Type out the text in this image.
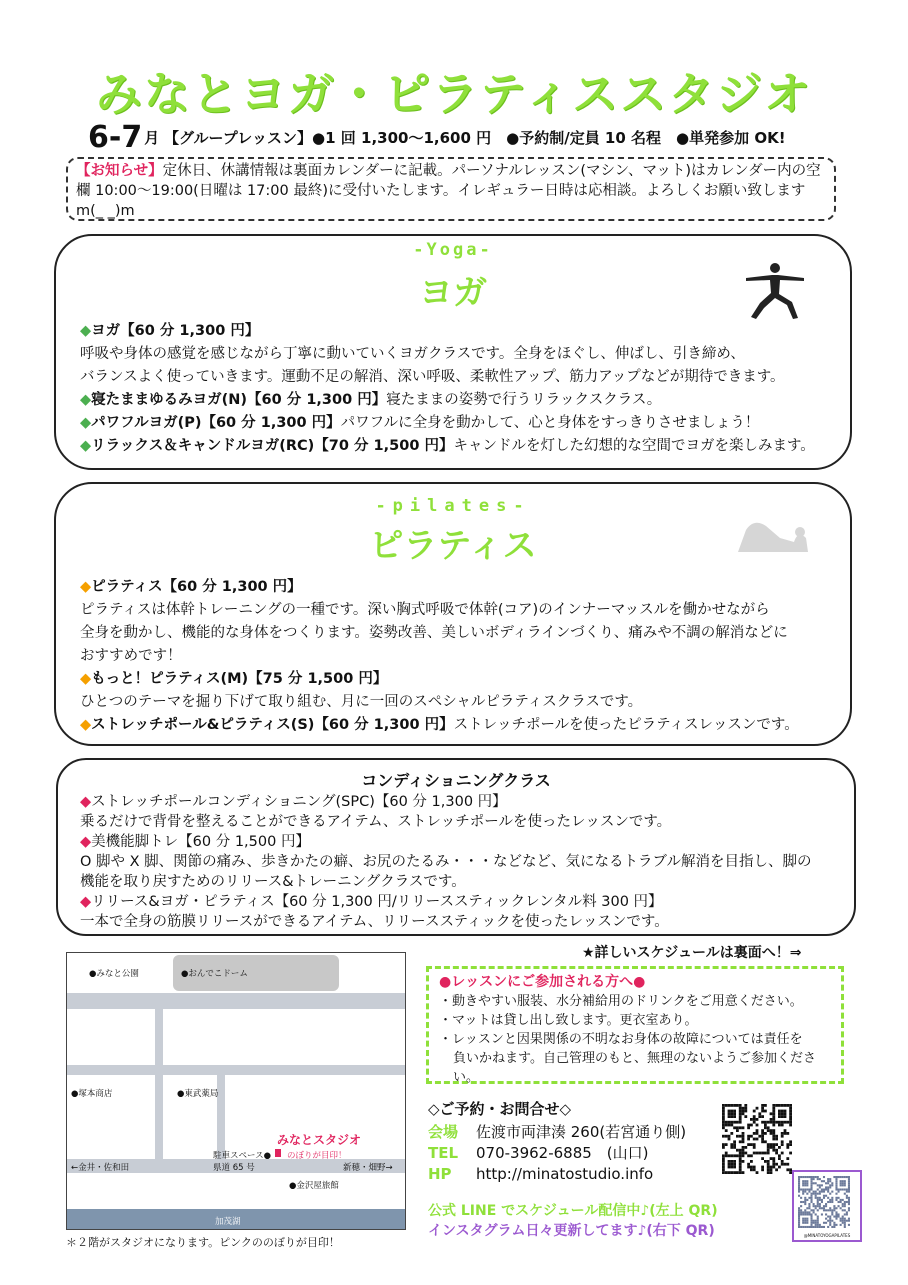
みなとヨガ・ピラティススタジオ
6-7 月 【グループレッスン】●1 回 1,300～1,600 円　●予約制/定員 10 名程　●単発参加 OK!
【お知らせ】定休日、休講情報は裏面カレンダーに記載。パーソナルレッスン(マシン、マット)はカレンダー内の空欄 10:00～19:00(日曜は 17:00 最終)に受付いたします。イレギュラー日時は応相談。よろしくお願い致しますm(_ _)m
-Yoga-
ヨガ
◆ヨガ【60 分 1,300 円】
呼吸や身体の感覚を感じながら丁寧に動いていくヨガクラスです。全身をほぐし、伸ばし、引き締め、
バランスよく使っていきます。運動不足の解消、深い呼吸、柔軟性アップ、筋力アップなどが期待できます。
◆寝たままゆるみヨガ(N)【60 分 1,300 円】寝たままの姿勢で行うリラックスクラス。
◆パワフルヨガ(P)【60 分 1,300 円】パワフルに全身を動かして、心と身体をすっきりさせましょう！
◆リラックス＆キャンドルヨガ(RC)【70 分 1,500 円】キャンドルを灯した幻想的な空間でヨガを楽しみます。
-pilates-
ピラティス
◆ピラティス【60 分 1,300 円】
ピラティスは体幹トレーニングの一種です。深い胸式呼吸で体幹(コア)のインナーマッスルを働かせながら
全身を動かし、機能的な身体をつくります。姿勢改善、美しいボディラインづくり、痛みや不調の解消などに
おすすめです！
◆もっと！ピラティス(M)【75 分 1,500 円】
ひとつのテーマを掘り下げて取り組む、月に一回のスペシャルピラティスクラスです。
◆ストレッチポール&ピラティス(S)【60 分 1,300 円】ストレッチポールを使ったピラティスレッスンです。
コンディショニングクラス
◆ストレッチポールコンディショニング(SPC)【60 分 1,300 円】
乗るだけで背骨を整えることができるアイテム、ストレッチポールを使ったレッスンです。
◆美機能脚トレ【60 分 1,500 円】
O 脚や X 脚、関節の痛み、歩きかたの癖、お尻のたるみ・・・などなど、気になるトラブル解消を目指し、脚の
機能を取り戻すためのリリース&トレーニングクラスです。
◆リリース&ヨガ・ピラティス【60 分 1,300 円/リリーススティックレンタル料 300 円】
一本で全身の筋膜リリースができるアイテム、リリーススティックを使ったレッスンです。
★詳しいスケジュールは裏面へ！⇒
●レッスンにご参加される方へ●
・動きやすい服装、水分補給用のドリンクをご用意ください。
・マットは貸し出し致します。更衣室あり。
・レッスンと因果関係の不明なお身体の故障については責任を
負いかねます。自己管理のもと、無理のないようご参加ください。
●みなと公園	●おんでこドーム
●塚本商店	●東武薬局
みなとスタジオ
駐車スペース● のぼりが目印！
←金井・佐和田	県道 65 号	新穂・畑野→
●金沢屋旅館
加茂湖
＊２階がスタジオになります。ピンクののぼりが目印！
◇ご予約・お問合せ◇
会場 佐渡市両津湊 260(若宮通り側)
TEL 070-3962-6885　(山口)
HP http://minatostudio.info
公式 LINE でスケジュール配信中♪(左上 QR)
インスタグラム日々更新してます♪(右下 QR)	@MINATOYOGAPILATES
